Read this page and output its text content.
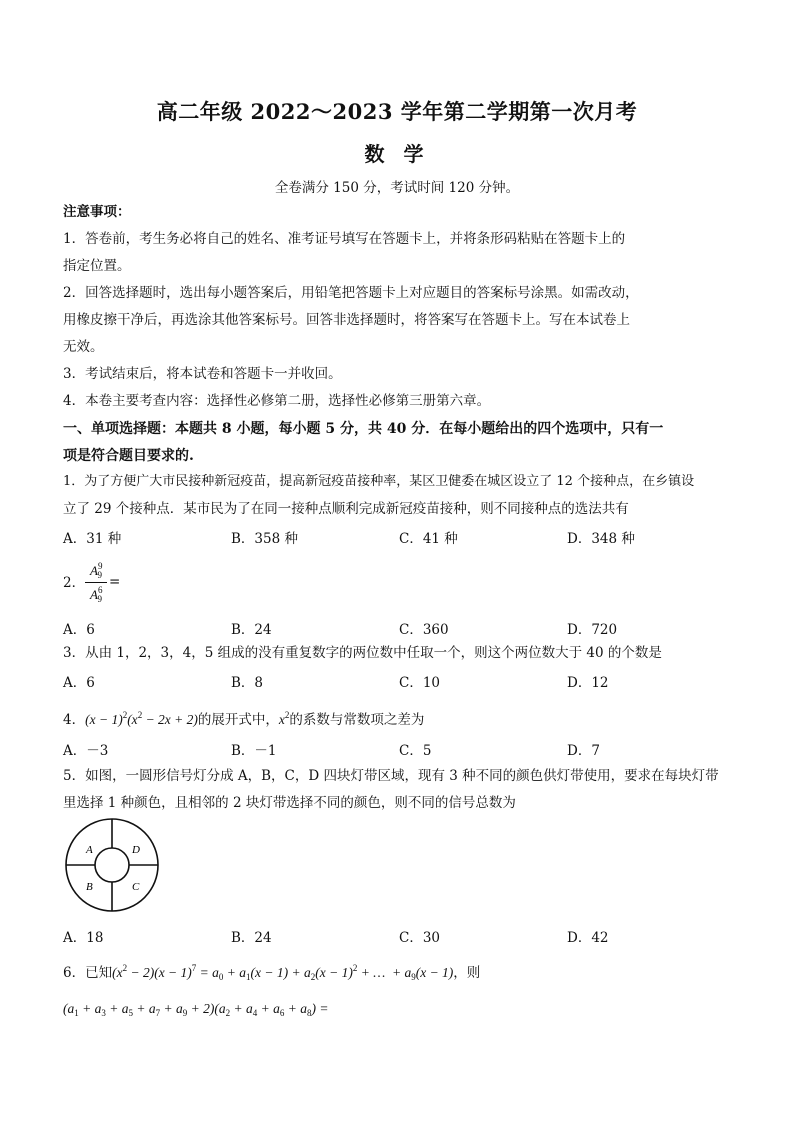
高二年级 2022～2023 学年第二学期第一次月考
数 学
全卷满分 150 分，考试时间 120 分钟。
注意事项：
1．答卷前，考生务必将自己的姓名、准考证号填写在答题卡上，并将条形码粘贴在答题卡上的
指定位置。
2．回答选择题时，选出每小题答案后，用铅笔把答题卡上对应题目的答案标号涂黑。如需改动，
用橡皮擦干净后，再选涂其他答案标号。回答非选择题时，将答案写在答题卡上。写在本试卷上
无效。
3．考试结束后，将本试卷和答题卡一并收回。
4．本卷主要考查内容：选择性必修第二册，选择性必修第三册第六章。
一、单项选择题：本题共 8 小题，每小题 5 分，共 40 分．在每小题给出的四个选项中，只有一
项是符合题目要求的.
1．为了方便广大市民接种新冠疫苗，提高新冠疫苗接种率，某区卫健委在城区设立了 12 个接种点，在乡镇设
立了 29 个接种点．某市民为了在同一接种点顺利完成新冠疫苗接种，则不同接种点的选法共有
A．31 种	B．358 种	C．41 种	D．348 种
2．
$A^9_9$
$A^6_9$
=
A．6	B．24	C．360	D．720
3．从由 1，2，3，4，5 组成的没有重复数字的两位数中任取一个，则这个两位数大于 40 的个数是
A．6	B．8	C．10	D．12
4．$(x - 1)^2(x^2 - 2x + 2)$的展开式中，$x^2$的系数与常数项之差为
A．－3	B．－1	C．5	D．7
5．如图，一圆形信号灯分成 A，B，C，D 四块灯带区域，现有 3 种不同的颜色供灯带使用，要求在每块灯带
里选择 1 种颜色，且相邻的 2 块灯带选择不同的颜色，则不同的信号总数为
A	D
B	C
A．18	B．24	C．30	D．42
6．已知$(x^2 - 2)(x - 1)^7 = a_0 + a_1(x - 1) + a_2(x - 1)^2$ + …  + $a_9(x - 1)$，则
$(a_1 + a_3 + a_5 + a_7 + a_9 + 2)(a_2 + a_4 + a_6 + a_8)$ =
